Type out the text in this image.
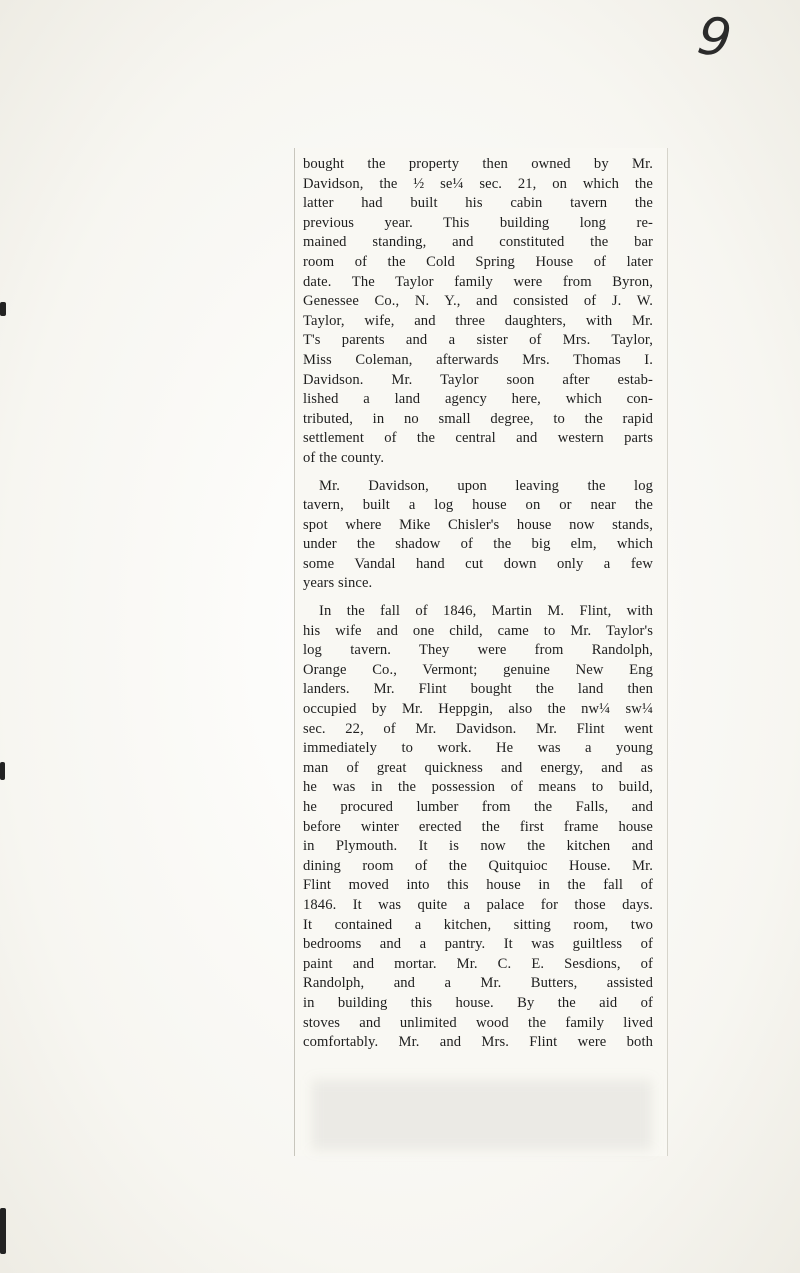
9

bought the property then owned by Mr.
Davidson, the ½ se¼ sec. 21, on which the
latter had built his cabin tavern the
previous year. This building long re-
mained standing, and constituted the bar
room of the Cold Spring House of later
date. The Taylor family were from Byron,
Genessee Co., N. Y., and consisted of J. W.
Taylor, wife, and three daughters, with Mr.
T's parents and a sister of Mrs. Taylor,
Miss Coleman, afterwards Mrs. Thomas I.
Davidson. Mr. Taylor soon after estab-
lished a land agency here, which con-
tributed, in no small degree, to the rapid
settlement of the central and western parts
of the county.
Mr. Davidson, upon leaving the log
tavern, built a log house on or near the
spot where Mike Chisler's house now stands,
under the shadow of the big elm, which
some Vandal hand cut down only a few
years since.
In the fall of 1846, Martin M. Flint, with
his wife and one child, came to Mr. Taylor's
log tavern. They were from Randolph,
Orange Co., Vermont; genuine New Eng
landers. Mr. Flint bought the land then
occupied by Mr. Heppgin, also the nw¼ sw¼
sec. 22, of Mr. Davidson. Mr. Flint went
immediately to work. He was a young
man of great quickness and energy, and as
he was in the possession of means to build,
he procured lumber from the Falls, and
before winter erected the first frame house
in Plymouth. It is now the kitchen and
dining room of the Quitquioc House. Mr.
Flint moved into this house in the fall of
1846. It was quite a palace for those days.
It contained a kitchen, sitting room, two
bedrooms and a pantry. It was guiltless of
paint and mortar. Mr. C. E. Sesdions, of
Randolph, and a Mr. Butters, assisted
in building this house. By the aid of
stoves and unlimited wood the family lived
comfortably. Mr. and Mrs. Flint were both
